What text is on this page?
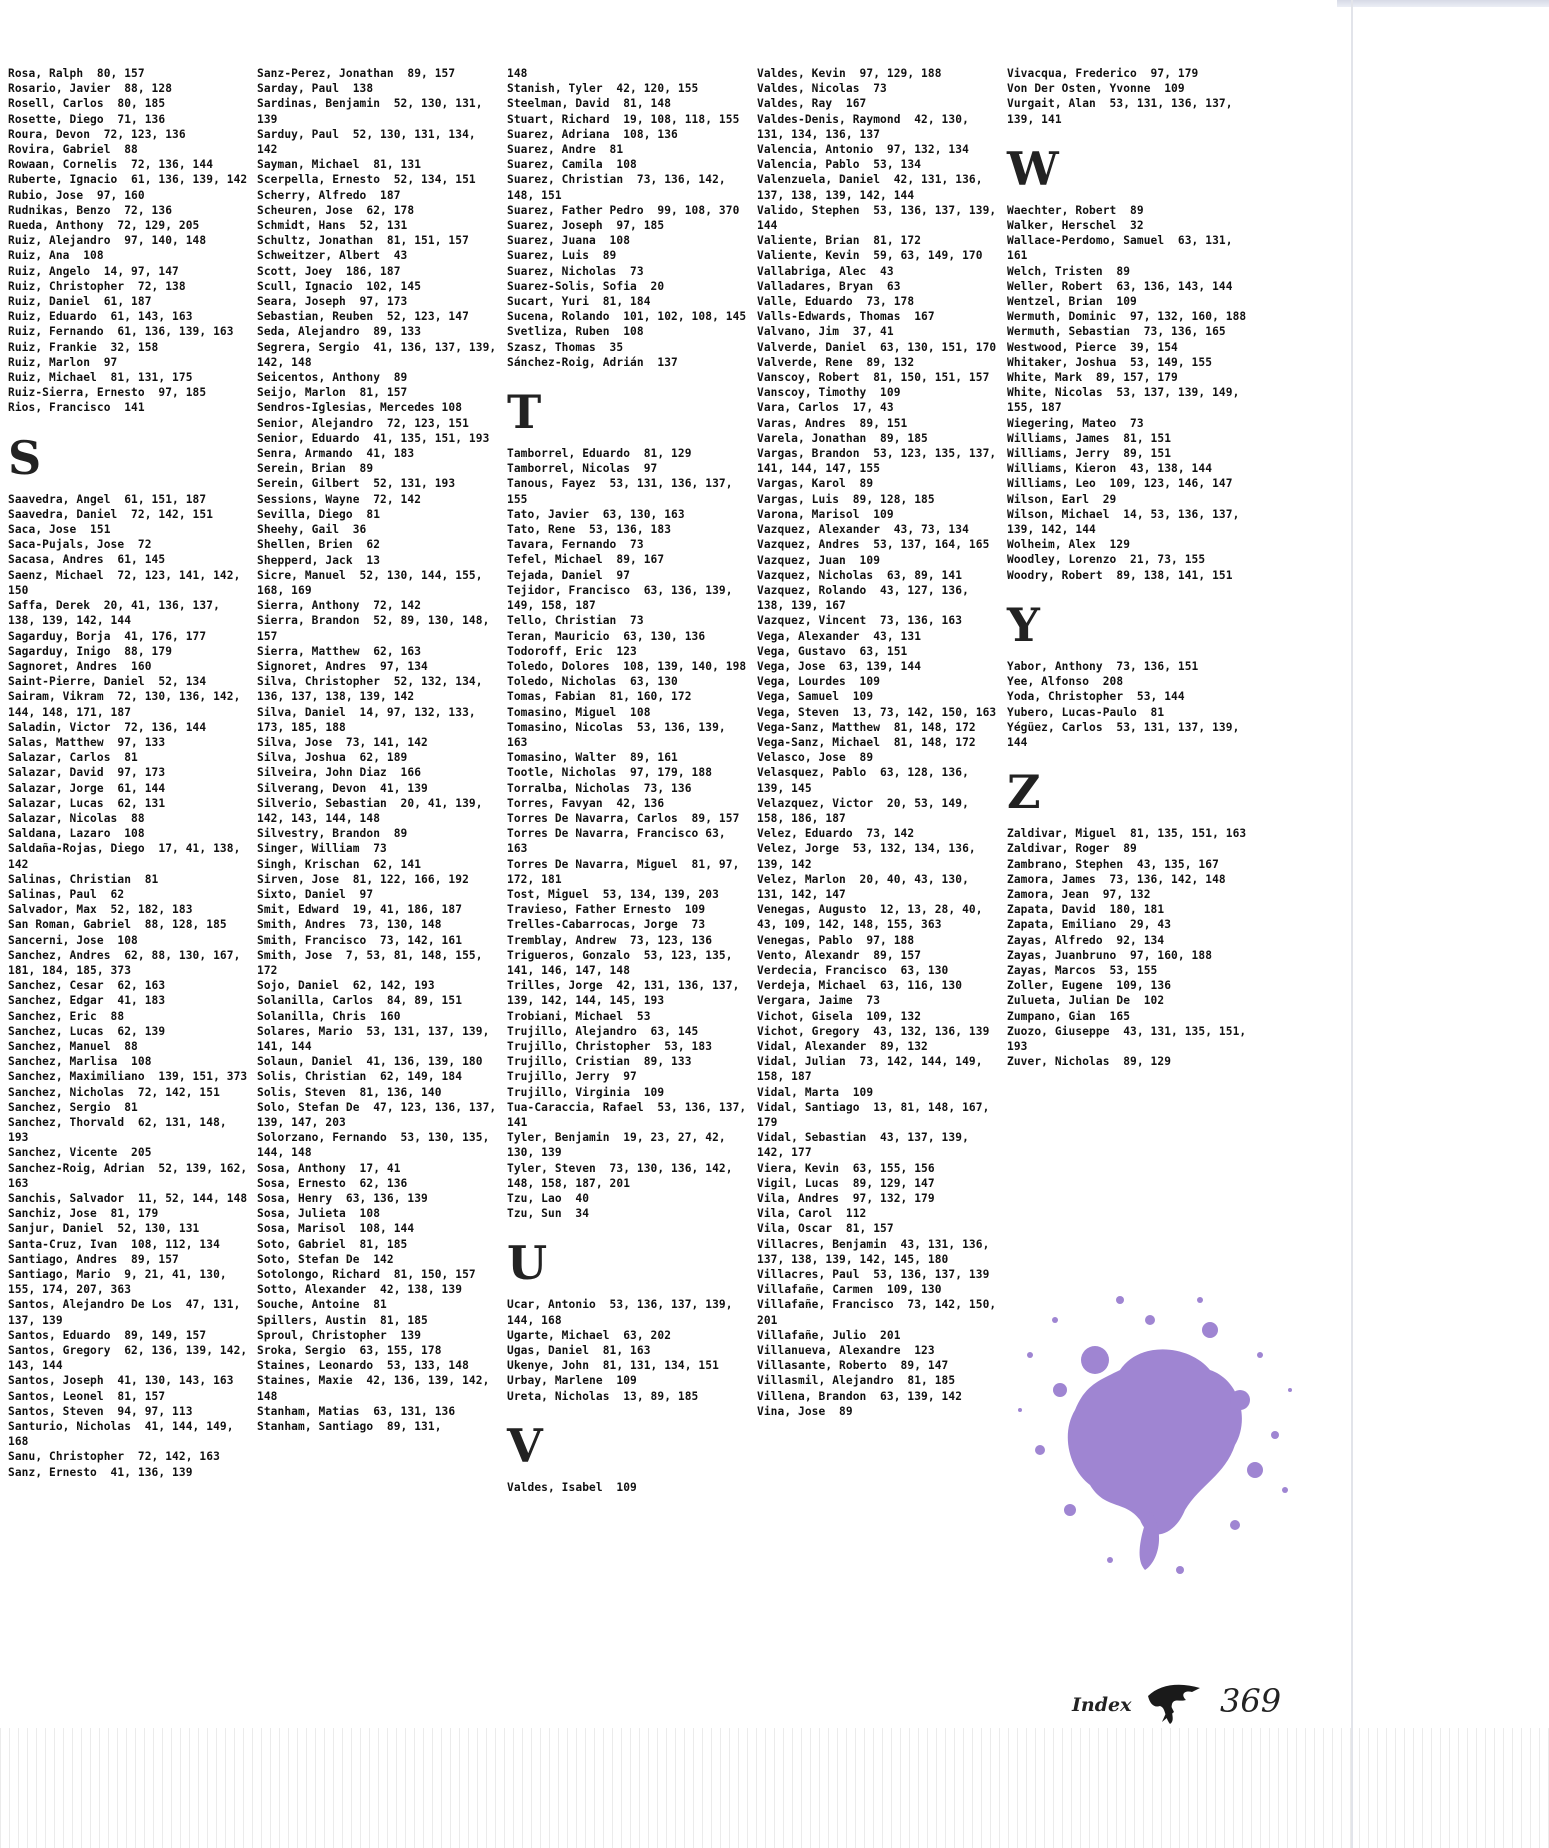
Rosa, Ralph  80, 157
Rosario, Javier  88, 128
Rosell, Carlos  80, 185
Rosette, Diego  71, 136
Roura, Devon  72, 123, 136
Rovira, Gabriel  88
Rowaan, Cornelis  72, 136, 144
Ruberte, Ignacio  61, 136, 139, 142
Rubio, Jose  97, 160
Rudnikas, Benzo  72, 136
Rueda, Anthony  72, 129, 205
Ruiz, Alejandro  97, 140, 148
Ruiz, Ana  108
Ruiz, Angelo  14, 97, 147
Ruiz, Christopher  72, 138
Ruiz, Daniel  61, 187
Ruiz, Eduardo  61, 143, 163
Ruiz, Fernando  61, 136, 139, 163
Ruiz, Frankie  32, 158
Ruiz, Marlon  97
Ruiz, Michael  81, 131, 175
Ruiz-Sierra, Ernesto  97, 185
Rios, Francisco  141
S
Saavedra, Angel  61, 151, 187
Saavedra, Daniel  72, 142, 151
Saca, Jose  151
Saca-Pujals, Jose  72
Sacasa, Andres  61, 145
Saenz, Michael  72, 123, 141, 142, 150
Saffa, Derek  20, 41, 136, 137, 138, 139, 142, 144
Sagarduy, Borja  41, 176, 177
Sagarduy, Inigo  88, 179
Sagnoret, Andres  160
Saint-Pierre, Daniel  52, 134
Sairam, Vikram  72, 130, 136, 142, 144, 148, 171, 187
Saladin, Victor  72, 136, 144
Salas, Matthew  97, 133
Salazar, Carlos  81
Salazar, David  97, 173
Salazar, Jorge  61, 144
Salazar, Lucas  62, 131
Salazar, Nicolas  88
Saldana, Lazaro  108
Saldaña-Rojas, Diego  17, 41, 138, 142
Salinas, Christian  81
Salinas, Paul  62
Salvador, Max  52, 182, 183
San Roman, Gabriel  88, 128, 185
Sancerni, Jose  108
Sanchez, Andres  62, 88, 130, 167, 181, 184, 185, 373
Sanchez, Cesar  62, 163
Sanchez, Edgar  41, 183
Sanchez, Eric  88
Sanchez, Lucas  62, 139
Sanchez, Manuel  88
Sanchez, Marlisa  108
Sanchez, Maximiliano  139, 151, 373
Sanchez, Nicholas  72, 142, 151
Sanchez, Sergio  81
Sanchez, Thorvald  62, 131, 148, 193
Sanchez, Vicente  205
Sanchez-Roig, Adrian  52, 139, 162, 163
Sanchis, Salvador  11, 52, 144, 148
Sanchiz, Jose  81, 179
Sanjur, Daniel  52, 130, 131
Santa-Cruz, Ivan  108, 112, 134
Santiago, Andres  89, 157
Santiago, Mario  9, 21, 41, 130, 155, 174, 207, 363
Santos, Alejandro De Los  47, 131, 137, 139
Santos, Eduardo  89, 149, 157
Santos, Gregory  62, 136, 139, 142, 143, 144
Santos, Joseph  41, 130, 143, 163
Santos, Leonel  81, 157
Santos, Steven  94, 97, 113
Santurio, Nicholas  41, 144, 149, 168
Sanu, Christopher  72, 142, 163
Sanz, Ernesto  41, 136, 139
Sanz-Perez, Jonathan  89, 157
Sarday, Paul  138
Sardinas, Benjamin  52, 130, 131, 139
Sarduy, Paul  52, 130, 131, 134, 142
Sayman, Michael  81, 131
Scerpella, Ernesto  52, 134, 151
Scherry, Alfredo  187
Scheuren, Jose  62, 178
Schmidt, Hans  52, 131
Schultz, Jonathan  81, 151, 157
Schweitzer, Albert  43
Scott, Joey  186, 187
Scull, Ignacio  102, 145
Seara, Joseph  97, 173
Sebastian, Reuben  52, 123, 147
Seda, Alejandro  89, 133
Segrera, Sergio  41, 136, 137, 139, 142, 148
Seicentos, Anthony  89
Seijo, Marlon  81, 157
Sendros-Iglesias, Mercedes 108
Senior, Alejandro  72, 123, 151
Senior, Eduardo  41, 135, 151, 193
Senra, Armando  41, 183
Serein, Brian  89
Serein, Gilbert  52, 131, 193
Sessions, Wayne  72, 142
Sevilla, Diego  81
Sheehy, Gail  36
Shellen, Brien  62
Shepperd, Jack  13
Sicre, Manuel  52, 130, 144, 155, 168, 169
Sierra, Anthony  72, 142
Sierra, Brandon  52, 89, 130, 148, 157
Sierra, Matthew  62, 163
Signoret, Andres  97, 134
Silva, Christopher  52, 132, 134, 136, 137, 138, 139, 142
Silva, Daniel  14, 97, 132, 133, 173, 185, 188
Silva, Jose  73, 141, 142
Silva, Joshua  62, 189
Silveira, John Diaz  166
Silverang, Devon  41, 139
Silverio, Sebastian  20, 41, 139, 142, 143, 144, 148
Silvestry, Brandon  89
Singer, William  73
Singh, Krischan  62, 141
Sirven, Jose  81, 122, 166, 192
Sixto, Daniel  97
Smit, Edward  19, 41, 186, 187
Smith, Andres  73, 130, 148
Smith, Francisco  73, 142, 161
Smith, Jose  7, 53, 81, 148, 155, 172
Sojo, Daniel  62, 142, 193
Solanilla, Carlos  84, 89, 151
Solanilla, Chris  160
Solares, Mario  53, 131, 137, 139, 141, 144
Solaun, Daniel  41, 136, 139, 180
Solis, Christian  62, 149, 184
Solis, Steven  81, 136, 140
Solo, Stefan De  47, 123, 136, 137, 139, 147, 203
Solorzano, Fernando  53, 130, 135, 144, 148
Sosa, Anthony  17, 41
Sosa, Ernesto  62, 136
Sosa, Henry  63, 136, 139
Sosa, Julieta  108
Sosa, Marisol  108, 144
Soto, Gabriel  81, 185
Soto, Stefan De  142
Sotolongo, Richard  81, 150, 157
Sotto, Alexander  42, 138, 139
Souche, Antoine  81
Spillers, Austin  81, 185
Sproul, Christopher  139
Sroka, Sergio  63, 155, 178
Staines, Leonardo  53, 133, 148
Staines, Maxie  42, 136, 139, 142, 148
Stanham, Matias  63, 131, 136
Stanham, Santiago  89, 131,
148
Stanish, Tyler  42, 120, 155
Steelman, David  81, 148
Stuart, Richard  19, 108, 118, 155
Suarez, Adriana  108, 136
Suarez, Andre  81
Suarez, Camila  108
Suarez, Christian  73, 136, 142, 148, 151
Suarez, Father Pedro  99, 108, 370
Suarez, Joseph  97, 185
Suarez, Juana  108
Suarez, Luis  89
Suarez, Nicholas  73
Suarez-Solis, Sofia  20
Sucart, Yuri  81, 184
Sucena, Rolando  101, 102, 108, 145
Svetliza, Ruben  108
Szasz, Thomas  35
Sánchez-Roig, Adrián  137
T
Tamborrel, Eduardo  81, 129
Tamborrel, Nicolas  97
Tanous, Fayez  53, 131, 136, 137, 155
Tato, Javier  63, 130, 163
Tato, Rene  53, 136, 183
Tavara, Fernando  73
Tefel, Michael  89, 167
Tejada, Daniel  97
Tejidor, Francisco  63, 136, 139, 149, 158, 187
Tello, Christian  73
Teran, Mauricio  63, 130, 136
Todoroff, Eric  123
Toledo, Dolores  108, 139, 140, 198
Toledo, Nicholas  63, 130
Tomas, Fabian  81, 160, 172
Tomasino, Miguel  108
Tomasino, Nicolas  53, 136, 139, 163
Tomasino, Walter  89, 161
Tootle, Nicholas  97, 179, 188
Torralba, Nicholas  73, 136
Torres, Favyan  42, 136
Torres De Navarra, Carlos  89, 157
Torres De Navarra, Francisco 63, 163
Torres De Navarra, Miguel  81, 97, 172, 181
Tost, Miguel  53, 134, 139, 203
Travieso, Father Ernesto  109
Trelles-Cabarrocas, Jorge  73
Tremblay, Andrew  73, 123, 136
Trigueros, Gonzalo  53, 123, 135, 141, 146, 147, 148
Trilles, Jorge  42, 131, 136, 137, 139, 142, 144, 145, 193
Trobiani, Michael  53
Trujillo, Alejandro  63, 145
Trujillo, Christopher  53, 183
Trujillo, Cristian  89, 133
Trujillo, Jerry  97
Trujillo, Virginia  109
Tua-Caraccia, Rafael  53, 136, 137, 141
Tyler, Benjamin  19, 23, 27, 42, 130, 139
Tyler, Steven  73, 130, 136, 142, 148, 158, 187, 201
Tzu, Lao  40
Tzu, Sun  34
U
Ucar, Antonio  53, 136, 137, 139, 144, 168
Ugarte, Michael  63, 202
Ugas, Daniel  81, 163
Ukenye, John  81, 131, 134, 151
Urbay, Marlene  109
Ureta, Nicholas  13, 89, 185
V
Valdes, Isabel  109
Valdes, Kevin  97, 129, 188
Valdes, Nicolas  73
Valdes, Ray  167
Valdes-Denis, Raymond  42, 130, 131, 134, 136, 137
Valencia, Antonio  97, 132, 134
Valencia, Pablo  53, 134
Valenzuela, Daniel  42, 131, 136, 137, 138, 139, 142, 144
Valido, Stephen  53, 136, 137, 139, 144
Valiente, Brian  81, 172
Valiente, Kevin  59, 63, 149, 170
Vallabriga, Alec  43
Valladares, Bryan  63
Valle, Eduardo  73, 178
Valls-Edwards, Thomas  167
Valvano, Jim  37, 41
Valverde, Daniel  63, 130, 151, 170
Valverde, Rene  89, 132
Vanscoy, Robert  81, 150, 151, 157
Vanscoy, Timothy  109
Vara, Carlos  17, 43
Varas, Andres  89, 151
Varela, Jonathan  89, 185
Vargas, Brandon  53, 123, 135, 137, 141, 144, 147, 155
Vargas, Karol  89
Vargas, Luis  89, 128, 185
Varona, Marisol  109
Vazquez, Alexander  43, 73, 134
Vazquez, Andres  53, 137, 164, 165
Vazquez, Juan  109
Vazquez, Nicholas  63, 89, 141
Vazquez, Rolando  43, 127, 136, 138, 139, 167
Vazquez, Vincent  73, 136, 163
Vega, Alexander  43, 131
Vega, Gustavo  63, 151
Vega, Jose  63, 139, 144
Vega, Lourdes  109
Vega, Samuel  109
Vega, Steven  13, 73, 142, 150, 163
Vega-Sanz, Matthew  81, 148, 172
Vega-Sanz, Michael  81, 148, 172
Velasco, Jose  89
Velasquez, Pablo  63, 128, 136, 139, 145
Velazquez, Victor  20, 53, 149, 158, 186, 187
Velez, Eduardo  73, 142
Velez, Jorge  53, 132, 134, 136, 139, 142
Velez, Marlon  20, 40, 43, 130, 131, 142, 147
Venegas, Augusto  12, 13, 28, 40, 43, 109, 142, 148, 155, 363
Venegas, Pablo  97, 188
Vento, Alexandr  89, 157
Verdecia, Francisco  63, 130
Verdeja, Michael  63, 116, 130
Vergara, Jaime  73
Vichot, Gisela  109, 132
Vichot, Gregory  43, 132, 136, 139
Vidal, Alexander  89, 132
Vidal, Julian  73, 142, 144, 149, 158, 187
Vidal, Marta  109
Vidal, Santiago  13, 81, 148, 167, 179
Vidal, Sebastian  43, 137, 139, 142, 177
Viera, Kevin  63, 155, 156
Vigil, Lucas  89, 129, 147
Vila, Andres  97, 132, 179
Vila, Carol  112
Vila, Oscar  81, 157
Villacres, Benjamin  43, 131, 136, 137, 138, 139, 142, 145, 180
Villacres, Paul  53, 136, 137, 139
Villafañe, Carmen  109, 130
Villafañe, Francisco  73, 142, 150, 201
Villafañe, Julio  201
Villanueva, Alexandre  123
Villasante, Roberto  89, 147
Villasmil, Alejandro  81, 185
Villena, Brandon  63, 139, 142
Vina, Jose  89
Vivacqua, Frederico  97, 179
Von Der Osten, Yvonne  109
Vurgait, Alan  53, 131, 136, 137, 139, 141
W
Waechter, Robert  89
Walker, Herschel  32
Wallace-Perdomo, Samuel  63, 131, 161
Welch, Tristen  89
Weller, Robert  63, 136, 143, 144
Wentzel, Brian  109
Wermuth, Dominic  97, 132, 160, 188
Wermuth, Sebastian  73, 136, 165
Westwood, Pierce  39, 154
Whitaker, Joshua  53, 149, 155
White, Mark  89, 157, 179
White, Nicolas  53, 137, 139, 149, 155, 187
Wiegering, Mateo  73
Williams, James  81, 151
Williams, Jerry  89, 151
Williams, Kieron  43, 138, 144
Williams, Leo  109, 123, 146, 147
Wilson, Earl  29
Wilson, Michael  14, 53, 136, 137, 139, 142, 144
Wolheim, Alex  129
Woodley, Lorenzo  21, 73, 155
Woodry, Robert  89, 138, 141, 151
Y
Yabor, Anthony  73, 136, 151
Yee, Alfonso  208
Yoda, Christopher  53, 144
Yubero, Lucas-Paulo  81
Yégüez, Carlos  53, 131, 137, 139, 144
Z
Zaldivar, Miguel  81, 135, 151, 163
Zaldivar, Roger  89
Zambrano, Stephen  43, 135, 167
Zamora, James  73, 136, 142, 148
Zamora, Jean  97, 132
Zapata, David  180, 181
Zapata, Emiliano  29, 43
Zayas, Alfredo  92, 134
Zayas, Juanbruno  97, 160, 188
Zayas, Marcos  53, 155
Zoller, Eugene  109, 136
Zulueta, Julian De  102
Zumpano, Gian  165
Zuozo, Giuseppe  43, 131, 135, 151, 193
Zuver, Nicholas  89, 129
Index	369
